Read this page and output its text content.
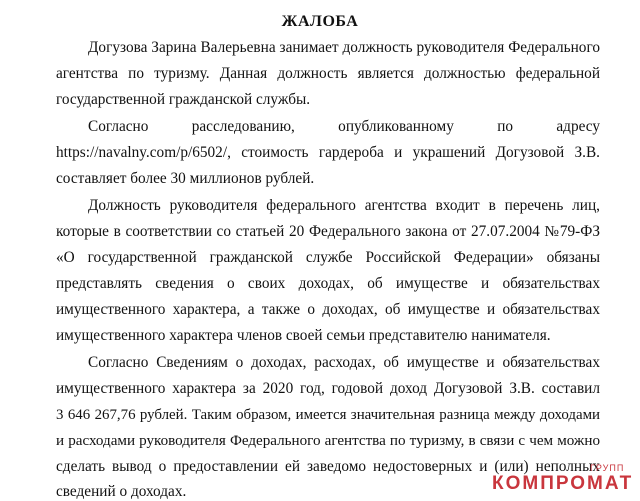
ЖАЛОБА
Догузова Зарина Валерьевна занимает должность руководителя Федерального
агентства по туризму. Данная должность является должностью федеральной
государственной гражданской службы.
Согласно расследованию, опубликованному по адресу
https://navalny.com/p/6502/, стоимость гардероба и украшений Догузовой З.В.
составляет более 30 миллионов рублей.
Должность руководителя федерального агентства входит в перечень лиц,
которые в соответствии со статьей 20 Федерального закона от 27.07.2004 №79-ФЗ
«О государственной гражданской службе Российской Федерации» обязаны
представлять сведения о своих доходах, об имуществе и обязательствах
имущественного характера, а также о доходах, об имуществе и обязательствах
имущественного характера членов своей семьи представителю нанимателя.
Согласно Сведениям о доходах, расходах, об имуществе и обязательствах
имущественного характера за 2020 год, годовой доход Догузовой З.В. составил
3 646 267,76 рублей. Таким образом, имеется значительная разница между доходами
и расходами руководителя Федерального агентства по туризму, в связи с чем можно
сделать вывод о предоставлении ей заведомо недостоверных и (или) неполных
сведений о доходах.
ГРУПП
КОМПРОМАТ
